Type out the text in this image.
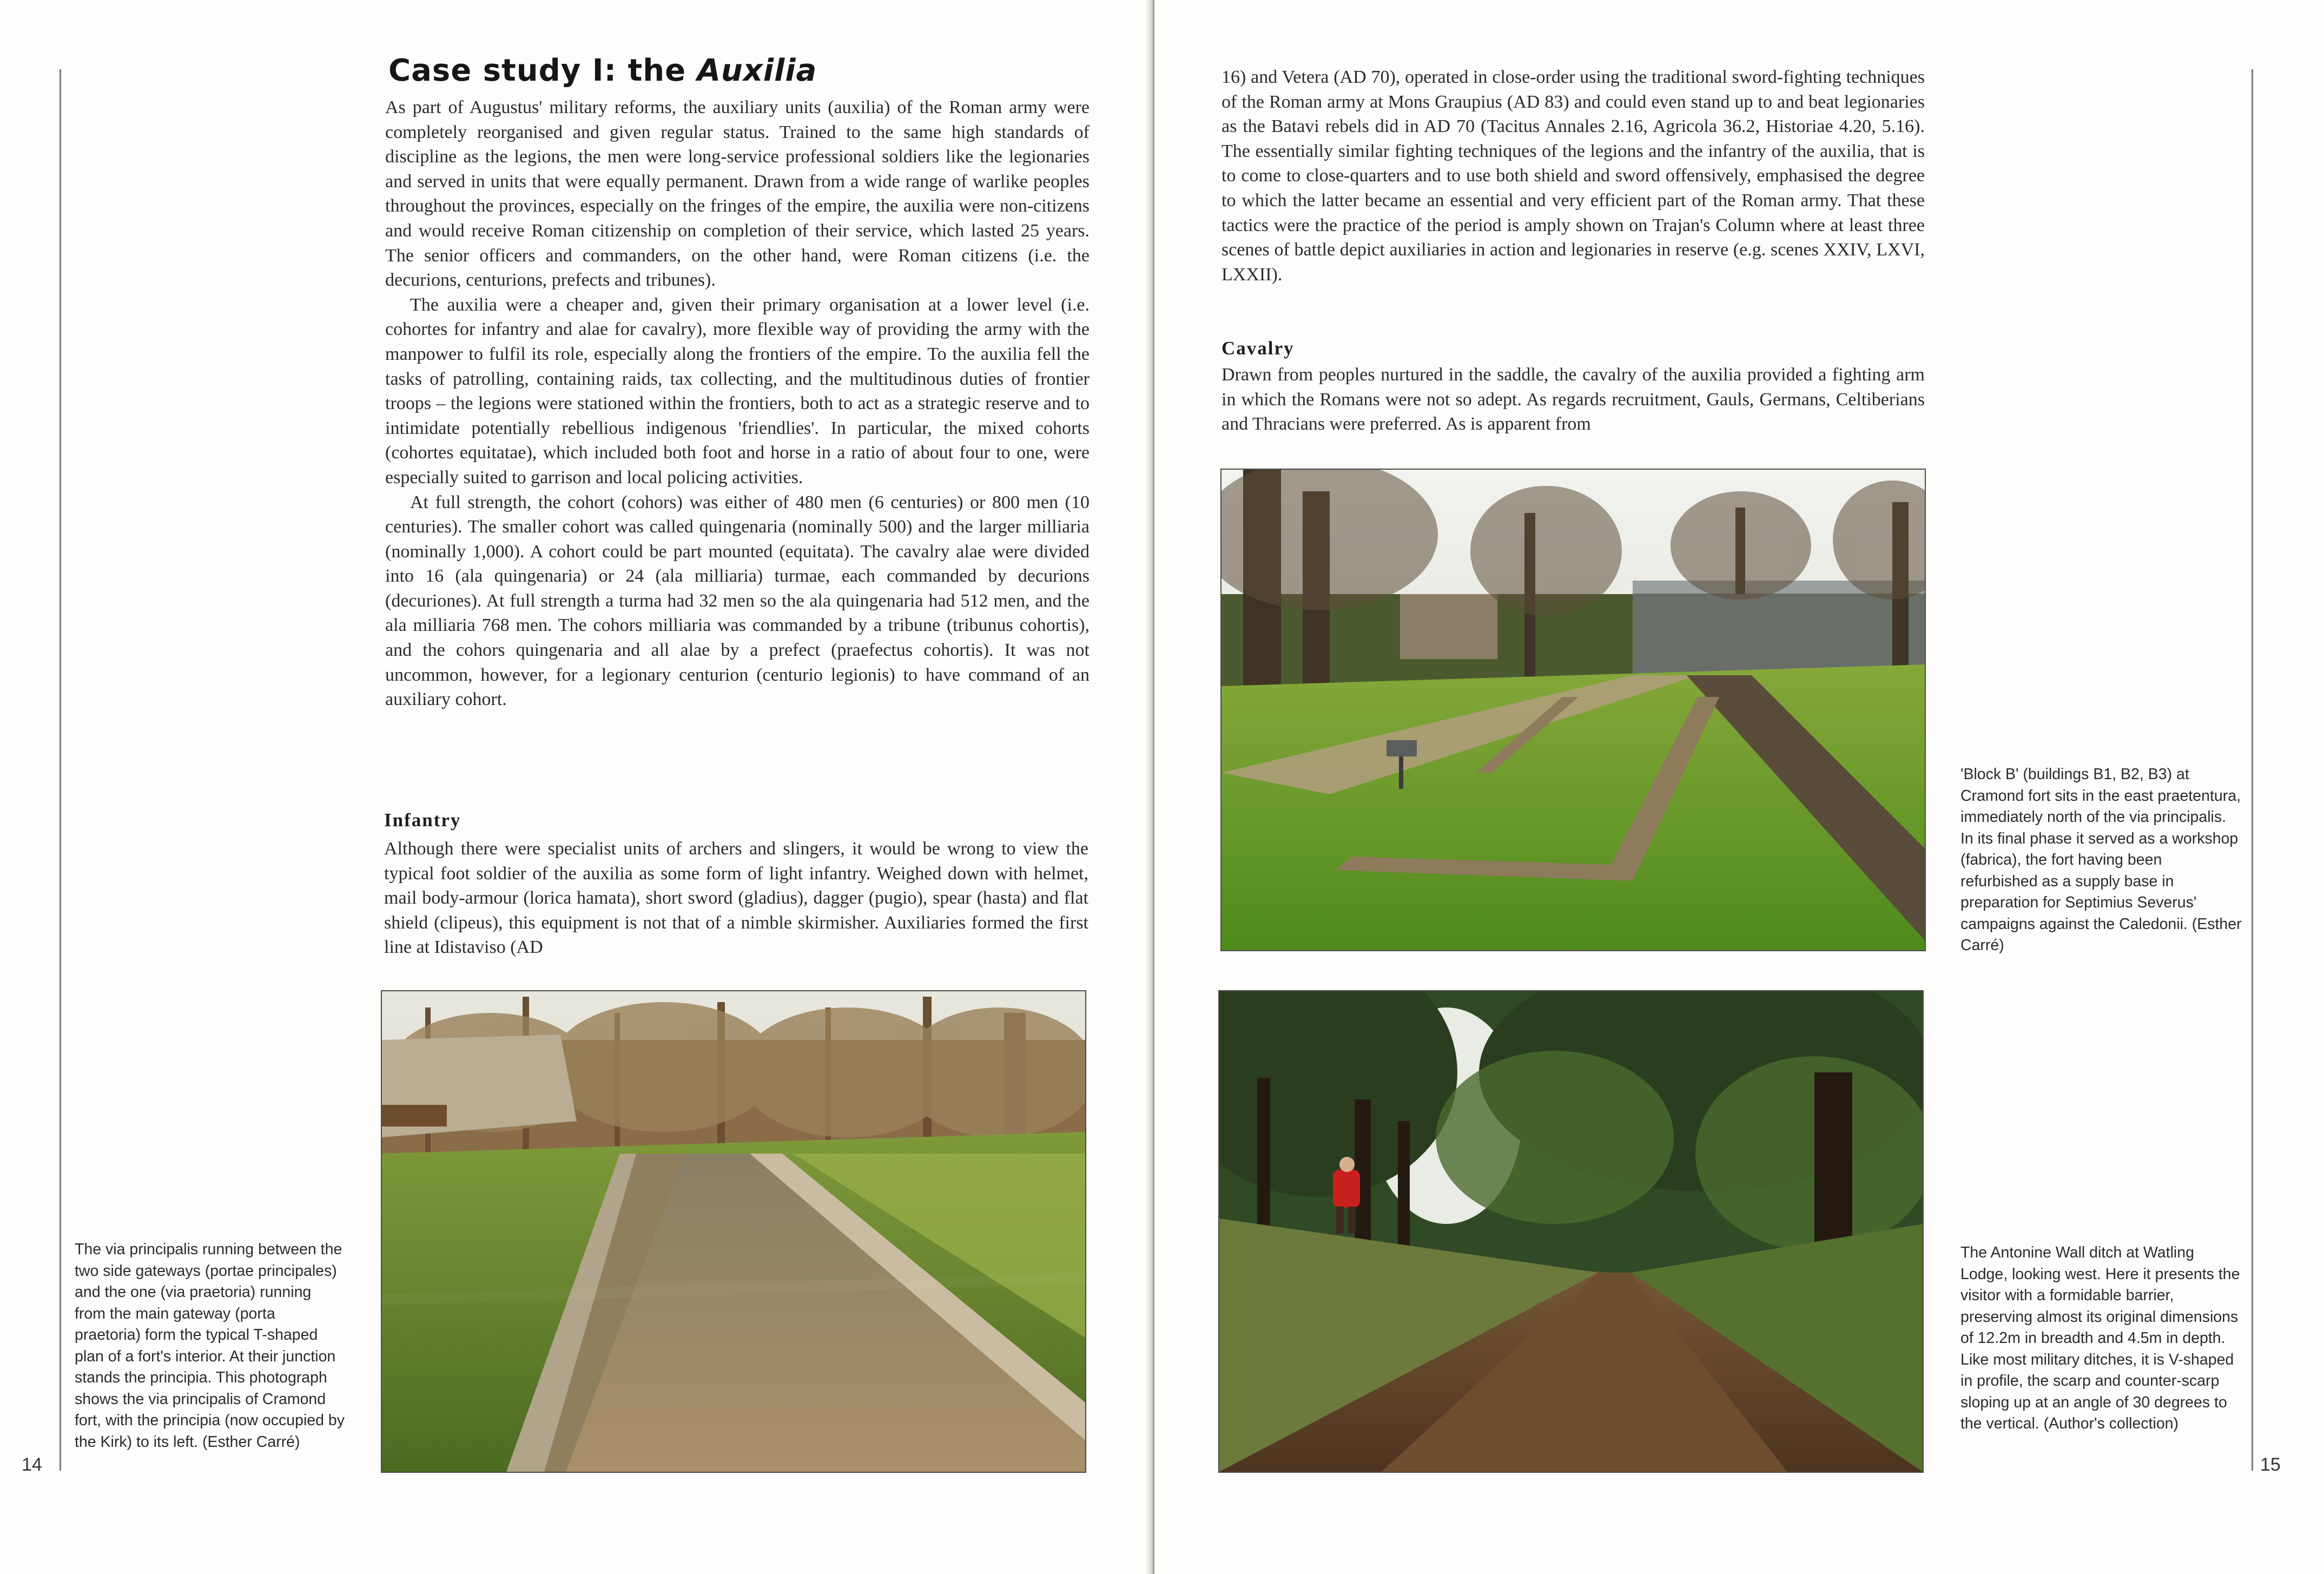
14
Case study I: the Auxilia

As part of Augustus' military reforms, the auxiliary units (auxilia) of the Roman army were completely reorganised and given regular status. Trained to the same high standards of discipline as the legions, the men were long-service professional soldiers like the legionaries and served in units that were equally permanent. Drawn from a wide range of warlike peoples throughout the provinces, especially on the fringes of the empire, the auxilia were non-citizens and would receive Roman citizenship on completion of their service, which lasted 25 years. The senior officers and commanders, on the other hand, were Roman citizens (i.e. the decurions, centurions, prefects and tribunes).

The auxilia were a cheaper and, given their primary organisation at a lower level (i.e. cohortes for infantry and alae for cavalry), more flexible way of providing the army with the manpower to fulfil its role, especially along the frontiers of the empire. To the auxilia fell the tasks of patrolling, containing raids, tax collecting, and the multitudinous duties of frontier troops – the legions were stationed within the frontiers, both to act as a strategic reserve and to intimidate potentially rebellious indigenous 'friendlies'. In particular, the mixed cohorts (cohortes equitatae), which included both foot and horse in a ratio of about four to one, were especially suited to garrison and local policing activities.

At full strength, the cohort (cohors) was either of 480 men (6 centuries) or 800 men (10 centuries). The smaller cohort was called quingenaria (nominally 500) and the larger milliaria (nominally 1,000). A cohort could be part mounted (equitata). The cavalry alae were divided into 16 (ala quingenaria) or 24 (ala milliaria) turmae, each commanded by decurions (decuriones). At full strength a turma had 32 men so the ala quingenaria had 512 men, and the ala milliaria 768 men. The cohors milliaria was commanded by a tribune (tribunus cohortis), and the cohors quingenaria and all alae by a prefect (praefectus cohortis). It was not uncommon, however, for a legionary centurion (centurio legionis) to have command of an auxiliary cohort.

Infantry
Although there were specialist units of archers and slingers, it would be wrong to view the typical foot soldier of the auxilia as some form of light infantry. Weighed down with helmet, mail body-armour (lorica hamata), short sword (gladius), dagger (pugio), spear (hasta) and flat shield (clipeus), this equipment is not that of a nimble skirmisher. Auxiliaries formed the first line at Idistaviso (AD
The via principalis running between the two side gateways (portae principales) and the one (via praetoria) running from the main gateway (porta praetoria) form the typical T-shaped plan of a fort's interior. At their junction stands the principia. This photograph shows the via principalis of Cramond fort, with the principia (now occupied by the Kirk) to its left. (Esther Carré)
15
16) and Vetera (AD 70), operated in close-order using the traditional sword-fighting techniques of the Roman army at Mons Graupius (AD 83) and could even stand up to and beat legionaries as the Batavi rebels did in AD 70 (Tacitus Annales 2.16, Agricola 36.2, Historiae 4.20, 5.16). The essentially similar fighting techniques of the legions and the infantry of the auxilia, that is to come to close-quarters and to use both shield and sword offensively, emphasised the degree to which the latter became an essential and very efficient part of the Roman army. That these tactics were the practice of the period is amply shown on Trajan's Column where at least three scenes of battle depict auxiliaries in action and legionaries in reserve (e.g. scenes XXIV, LXVI, LXXII).
Cavalry
Drawn from peoples nurtured in the saddle, the cavalry of the auxilia provided a fighting arm in which the Romans were not so adept. As regards recruitment, Gauls, Germans, Celtiberians and Thracians were preferred. As is apparent from
'Block B' (buildings B1, B2, B3) at Cramond fort sits in the east praetentura, immediately north of the via principalis. In its final phase it served as a workshop (fabrica), the fort having been refurbished as a supply base in preparation for Septimius Severus' campaigns against the Caledonii. (Esther Carré)
The Antonine Wall ditch at Watling Lodge, looking west. Here it presents the visitor with a formidable barrier, preserving almost its original dimensions of 12.2m in breadth and 4.5m in depth. Like most military ditches, it is V-shaped in profile, the scarp and counter-scarp sloping up at an angle of 30 degrees to the vertical. (Author's collection)
